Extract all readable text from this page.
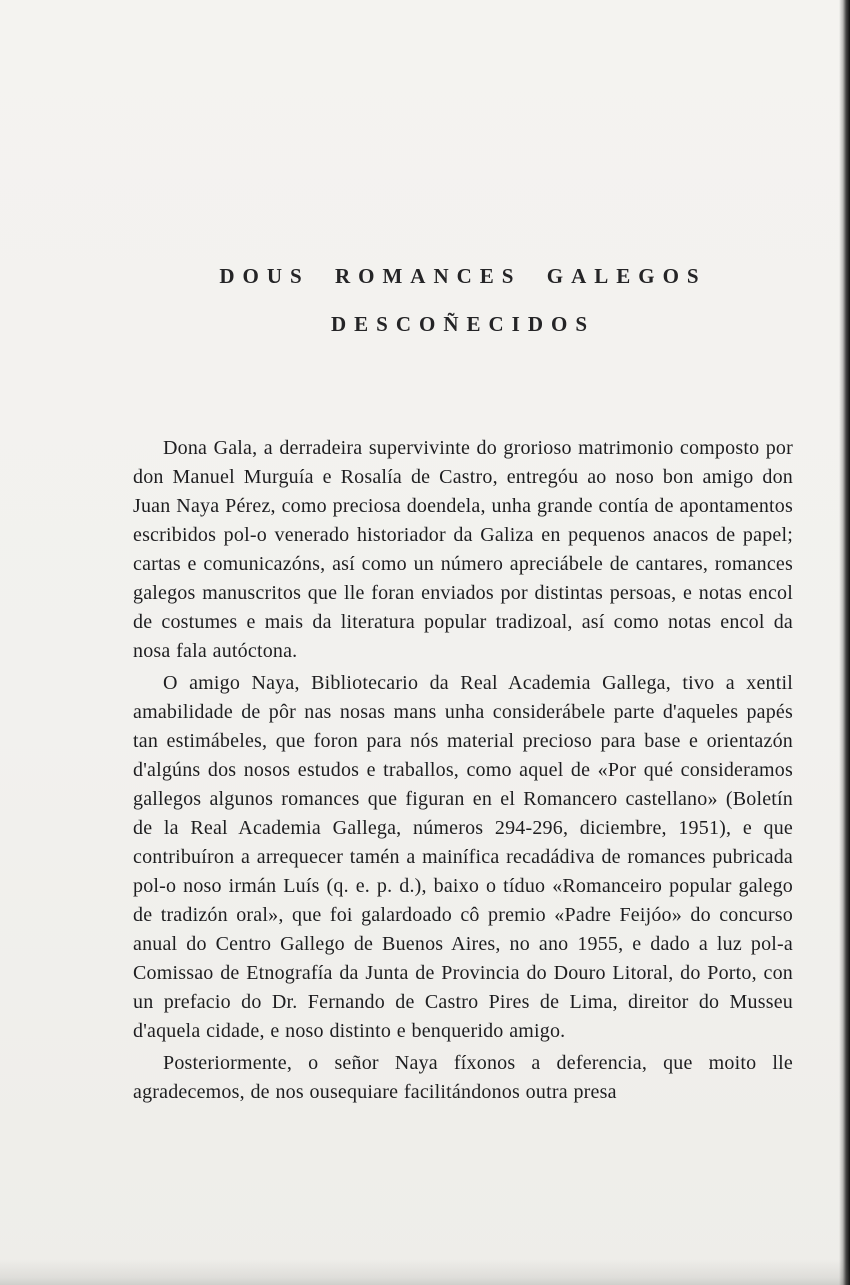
DOUS ROMANCES GALEGOS
DESCOÑECIDOS

Dona Gala, a derradeira supervivinte do grorioso matrimonio composto por don Manuel Murguía e Rosalía de Castro, entregóu ao noso bon amigo don Juan Naya Pérez, como preciosa doendela, unha grande contía de apontamentos escribidos pol-o venerado historiador da Galiza en pequenos anacos de papel; cartas e comunicazóns, así como un número apreciábele de cantares, romances galegos manuscritos que lle foran enviados por distintas persoas, e notas encol de costumes e mais da literatura popular tradizoal, así como notas encol da nosa fala autóctona.

O amigo Naya, Bibliotecario da Real Academia Gallega, tivo a xentil amabilidade de pôr nas nosas mans unha considerábele parte d'aqueles papés tan estimábeles, que foron para nós material precioso para base e orientazón d'algúns dos nosos estudos e traballos, como aquel de «Por qué consideramos gallegos algunos romances que figuran en el Romancero castellano» (Boletín de la Real Academia Gallega, números 294-296, diciembre, 1951), e que contribuíron a arrequecer tamén a mainífica recadádiva de romances pubricada pol-o noso irmán Luís (q. e. p. d.), baixo o tíduo «Romanceiro popular galego de tradizón oral», que foi galardoado cô premio «Padre Feijóo» do concurso anual do Centro Gallego de Buenos Aires, no ano 1955, e dado a luz pol-a Comissao de Etnografía da Junta de Provincia do Douro Litoral, do Porto, con un prefacio do Dr. Fernando de Castro Pires de Lima, direitor do Musseu d'aquela cidade, e noso distinto e benquerido amigo.

Posteriormente, o señor Naya fíxonos a deferencia, que moito lle agradecemos, de nos ousequiare facilitándonos outra presa
